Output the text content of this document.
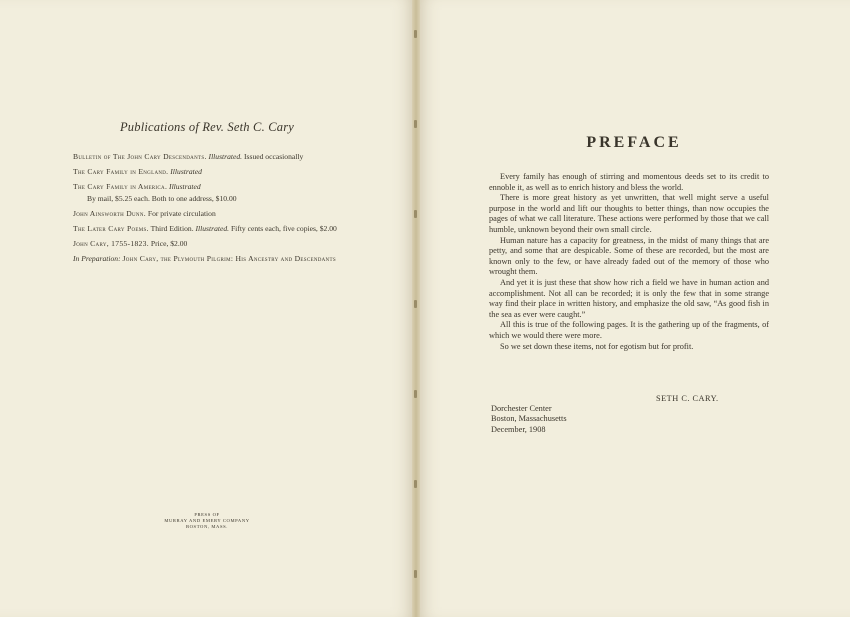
Publications of Rev. Seth C. Cary
Bulletin of The John Cary Descendants. Illustrated. Issued occasionally
The Cary Family in England. Illustrated
The Cary Family in America. Illustrated
By mail, $5.25 each. Both to one address, $10.00
John Ainsworth Dunn. For private circulation
The Later Cary Poems. Third Edition. Illustrated. Fifty cents each, five copies, $2.00
John Cary, 1755-1823. Price, $2.00
In Preparation: John Cary, the Plymouth Pilgrim: His Ancestry and Descendants
PRESS OF
MURRAY AND EMERY COMPANY
BOSTON, MASS.
PREFACE

Every family has enough of stirring and momentous deeds set to its credit to ennoble it, as well as to enrich history and bless the world.

There is more great history as yet unwritten, that well might serve a useful purpose in the world and lift our thoughts to better things, than now occupies the pages of what we call literature. These actions were performed by those that we call humble, unknown beyond their own small circle.

Human nature has a capacity for greatness, in the midst of many things that are petty, and some that are despicable. Some of these are recorded, but the most are known only to the few, or have already faded out of the memory of those who wrought them.

And yet it is just these that show how rich a field we have in human action and accomplishment. Not all can be recorded; it is only the few that in some strange way find their place in written history, and emphasize the old saw, “As good fish in the sea as ever were caught.”

All this is true of the following pages. It is the gathering up of the fragments, of which we would there were more.

So we set down these items, not for egotism but for profit.

SETH C. CARY.
Dorchester Center
Boston, Massachusetts
December, 1908
